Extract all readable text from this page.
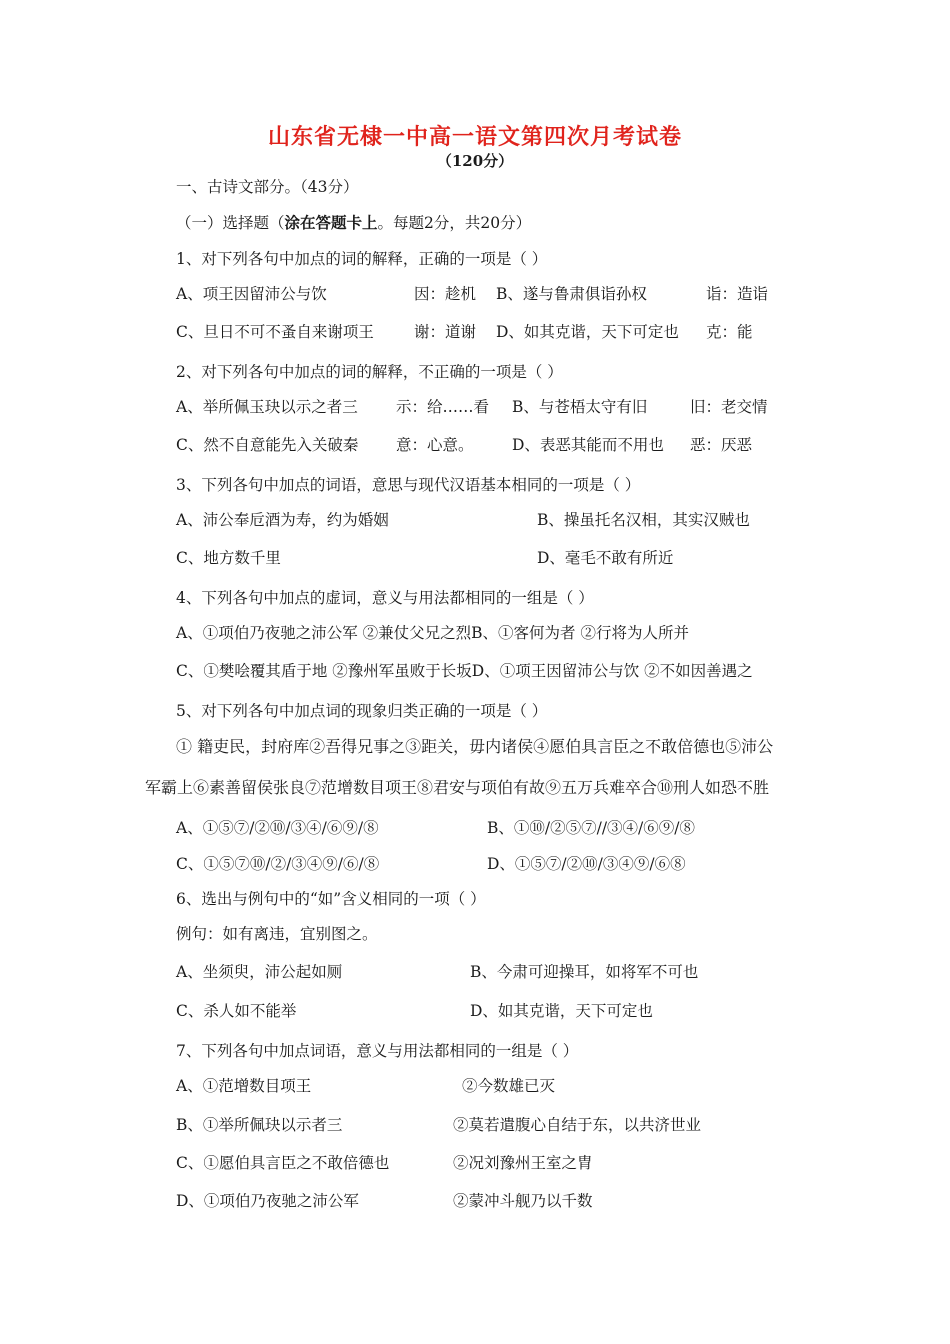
山东省无棣一中高一语文第四次月考试卷
（120分）
一、古诗文部分。（43分）
（一）选择题（涂在答题卡上。每题2分，共20分）
1、对下列各句中加点的词的解释，正确的一项是（ ）
A、项王因留沛公与饮	因：趁机 B、遂与鲁肃俱诣孙权	诣：造诣
C、旦日不可不蚤自来谢项王	谢：道谢 D、如其克谐，天下可定也 克：能
2、对下列各句中加点的词的解释，不正确的一项是（ ）
A、举所佩玉玦以示之者三 示：给……看 B、与苍梧太守有旧	旧：老交情
C、然不自意能先入关破秦 意：心意。 D、表恶其能而不用也 恶：厌恶
3、下列各句中加点的词语，意思与现代汉语基本相同的一项是（ ）
A、沛公奉卮酒为寿，约为婚姻	B、操虽托名汉相，其实汉贼也
C、地方数千里	D、毫毛不敢有所近
4、下列各句中加点的虚词，意义与用法都相同的一组是（ ）
A、①项伯乃夜驰之沛公军 ②兼仗父兄之烈B、①客何为者 ②行将为人所并
C、①樊哙覆其盾于地 ②豫州军虽败于长坂D、①项王因留沛公与饮 ②不如因善遇之
5、对下列各句中加点词的现象归类正确的一项是（ ）
① 籍吏民，封府库②吾得兄事之③距关，毋内诸侯④愿伯具言臣之不敢倍德也⑤沛公
军霸上⑥素善留侯张良⑦范增数目项王⑧君安与项伯有故⑨五万兵难卒合⑩刑人如恐不胜
A、①⑤⑦/②⑩/③④/⑥⑨/⑧	B、①⑩/②⑤⑦//③④/⑥⑨/⑧
C、①⑤⑦⑩/②/③④⑨/⑥/⑧	D、①⑤⑦/②⑩/③④⑨/⑥⑧
6、选出与例句中的“如”含义相同的一项（ ）
例句：如有离违，宜别图之。
A、坐须臾，沛公起如厕	B、今肃可迎操耳，如将军不可也
C、杀人如不能举	D、如其克谐，天下可定也
7、下列各句中加点词语，意义与用法都相同的一组是（ ）
A、①范增数目项王	②今数雄已灭
B、①举所佩玦以示者三	②莫若遣腹心自结于东，以共济世业
C、①愿伯具言臣之不敢倍德也	②况刘豫州王室之胄
D、①项伯乃夜驰之沛公军	②蒙冲斗舰乃以千数
